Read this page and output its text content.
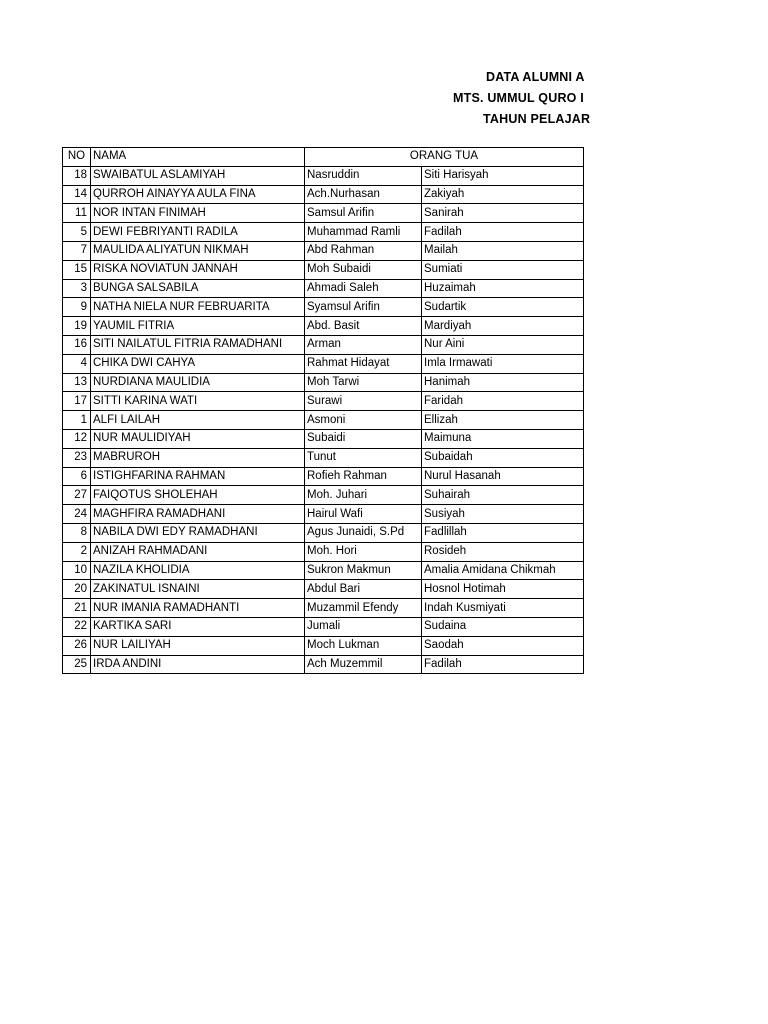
DATA ALUMNI A
MTS. UMMUL QURO I
TAHUN PELAJAR
NO	NAMA	ORANG TUA	
18	SWAIBATUL ASLAMIYAH	Nasruddin	Siti Harisyah
14	QURROH AINAYYA AULA FINA	Ach.Nurhasan	Zakiyah
11	NOR INTAN FINIMAH	Samsul Arifin	Sanirah
5	DEWI FEBRIYANTI RADILA	Muhammad Ramli	Fadilah
7	MAULIDA ALIYATUN NIKMAH	Abd Rahman	Mailah
15	RISKA NOVIATUN JANNAH	Moh Subaidi	Sumiati
3	BUNGA SALSABILA	Ahmadi Saleh	Huzaimah
9	NATHA NIELA NUR FEBRUARITA	Syamsul Arifin	Sudartik
19	YAUMIL FITRIA	Abd. Basit	Mardiyah
16	SITI NAILATUL FITRIA RAMADHANI	Arman	Nur Aini
4	CHIKA DWI CAHYA	Rahmat Hidayat	Imla Irmawati
13	NURDIANA MAULIDIA	Moh Tarwi	Hanimah
17	SITTI KARINA WATI	Surawi	Faridah
1	ALFI LAILAH	Asmoni	Ellizah
12	NUR MAULIDIYAH	Subaidi	Maimuna
23	MABRUROH	Tunut	Subaidah
6	ISTIGHFARINA RAHMAN	Rofieh Rahman	Nurul Hasanah
27	FAIQOTUS SHOLEHAH	Moh. Juhari	Suhairah
24	MAGHFIRA RAMADHANI	Hairul Wafi	Susiyah
8	NABILA DWI EDY RAMADHANI	Agus Junaidi, S.Pd	Fadlillah
2	ANIZAH RAHMADANI	Moh. Hori	Rosideh
10	NAZILA KHOLIDIA	Sukron Makmun	Amalia Amidana Chikmah
20	ZAKINATUL ISNAINI	Abdul Bari	Hosnol Hotimah
21	NUR IMANIA RAMADHANTI	Muzammil Efendy	Indah Kusmiyati
22	KARTIKA SARI	Jumali	Sudaina
26	NUR LAILIYAH	Moch Lukman	Saodah
25	IRDA ANDINI	Ach Muzemmil	Fadilah
